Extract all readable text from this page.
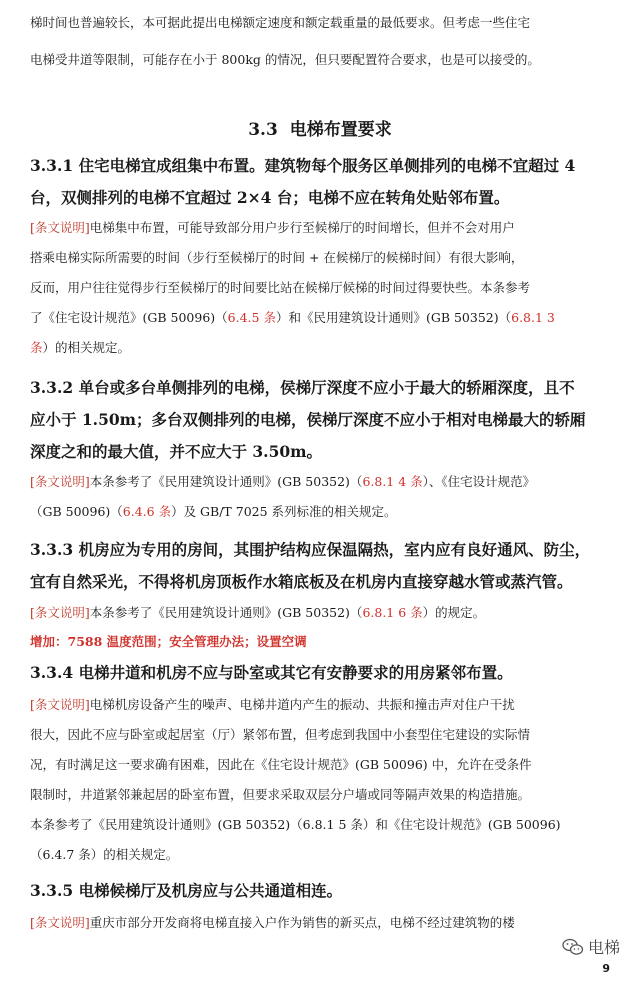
梯时间也普遍较长，本可据此提出电梯额定速度和额定载重量的最低要求。但考虑一些住宅
电梯受井道等限制，可能存在小于 800kg 的情况，但只要配置符合要求，也是可以接受的。
3.3 电梯布置要求
3.3.1 住宅电梯宜成组集中布置。建筑物每个服务区单侧排列的电梯不宜超过 4
台，双侧排列的电梯不宜超过 2×4 台；电梯不应在转角处贴邻布置。
[条文说明]电梯集中布置，可能导致部分用户步行至候梯厅的时间增长，但并不会对用户
搭乘电梯实际所需要的时间（步行至候梯厅的时间 + 在候梯厅的候梯时间）有很大影响，
反而，用户往往觉得步行至候梯厅的时间要比站在候梯厅候梯的时间过得要快些。本条参考
了《住宅设计规范》(GB 50096)（6.4.5 条）和《民用建筑设计通则》(GB 50352)（6.8.1 3
条）的相关规定。
3.3.2 单台或多台单侧排列的电梯，侯梯厅深度不应小于最大的轿厢深度，且不
应小于 1.50m；多台双侧排列的电梯，侯梯厅深度不应小于相对电梯最大的轿厢
深度之和的最大值，并不应大于 3.50m。
[条文说明]本条参考了《民用建筑设计通则》(GB 50352)（6.8.1 4 条）、《住宅设计规范》
（GB 50096)（6.4.6 条）及 GB/T 7025 系列标准的相关规定。
3.3.3 机房应为专用的房间，其围护结构应保温隔热，室内应有良好通风、防尘，
宜有自然采光，不得将机房顶板作水箱底板及在机房内直接穿越水管或蒸汽管。
[条文说明]本条参考了《民用建筑设计通则》(GB 50352)（6.8.1 6 条）的规定。
增加：7588 温度范围；安全管理办法；设置空调
3.3.4 电梯井道和机房不应与卧室或其它有安静要求的用房紧邻布置。
[条文说明]电梯机房设备产生的噪声、电梯井道内产生的振动、共振和撞击声对住户干扰
很大，因此不应与卧室或起居室（厅）紧邻布置，但考虑到我国中小套型住宅建设的实际情
况，有时满足这一要求确有困难，因此在《住宅设计规范》(GB 50096) 中，允许在受条件
限制时，井道紧邻兼起居的卧室布置，但要求采取双层分户墙或同等隔声效果的构造措施。
本条参考了《民用建筑设计通则》(GB 50352)（6.8.1 5 条）和《住宅设计规范》(GB 50096)
（6.4.7 条）的相关规定。
3.3.5 电梯候梯厅及机房应与公共通道相连。
[条文说明]重庆市部分开发商将电梯直接入户作为销售的新买点，电梯不经过建筑物的楼
电梯
9
